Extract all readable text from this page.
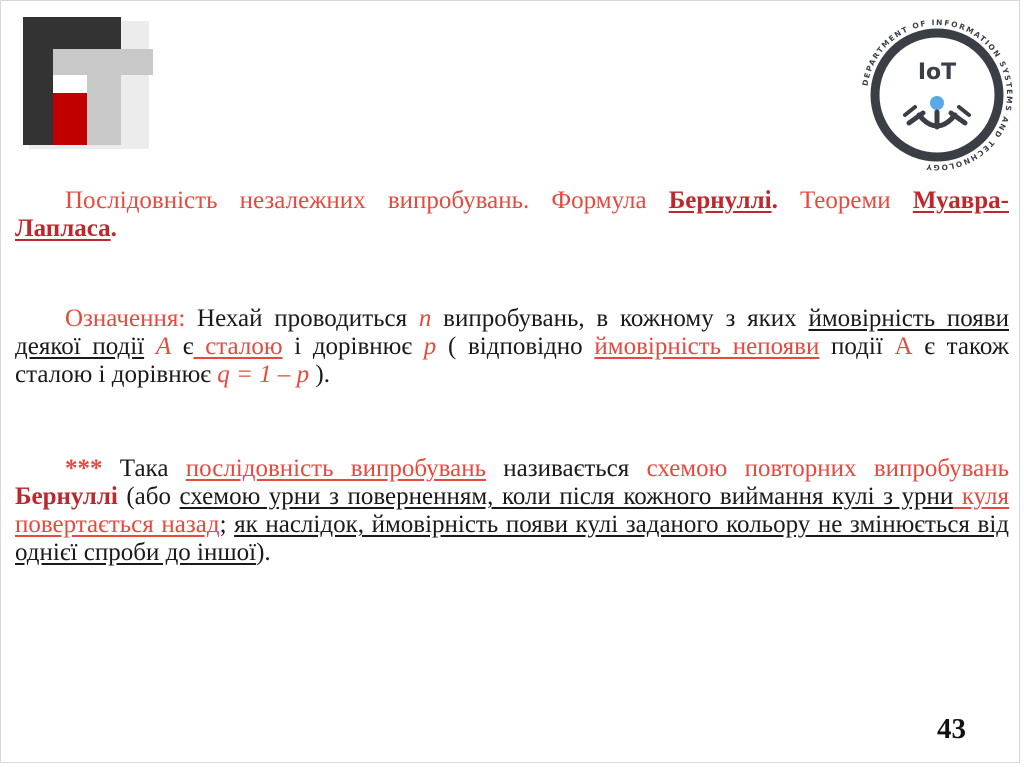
DEPARTMENT OF INFORMATION SYSTEMS AND TECHNOLOGY
IoT
Послідовність незалежних випробувань. Формула Бернуллі. Теореми Муавра-Лапласа.
Означення: Нехай проводиться n випробувань, в кожному з яких ймовірність появи деякої події А є сталою і дорівнює p ( відповідно ймовірність непояви події А є також сталою і дорівнює q = 1 – p ).
*** Така послідовність випробувань називається схемою повторних випробувань Бернуллі (або схемою урни з поверненням, коли після кожного виймання кулі з урни куля повертається назад; як наслідок, ймовірність появи кулі заданого кольору не змінюється від однієї спроби до іншої).
43
